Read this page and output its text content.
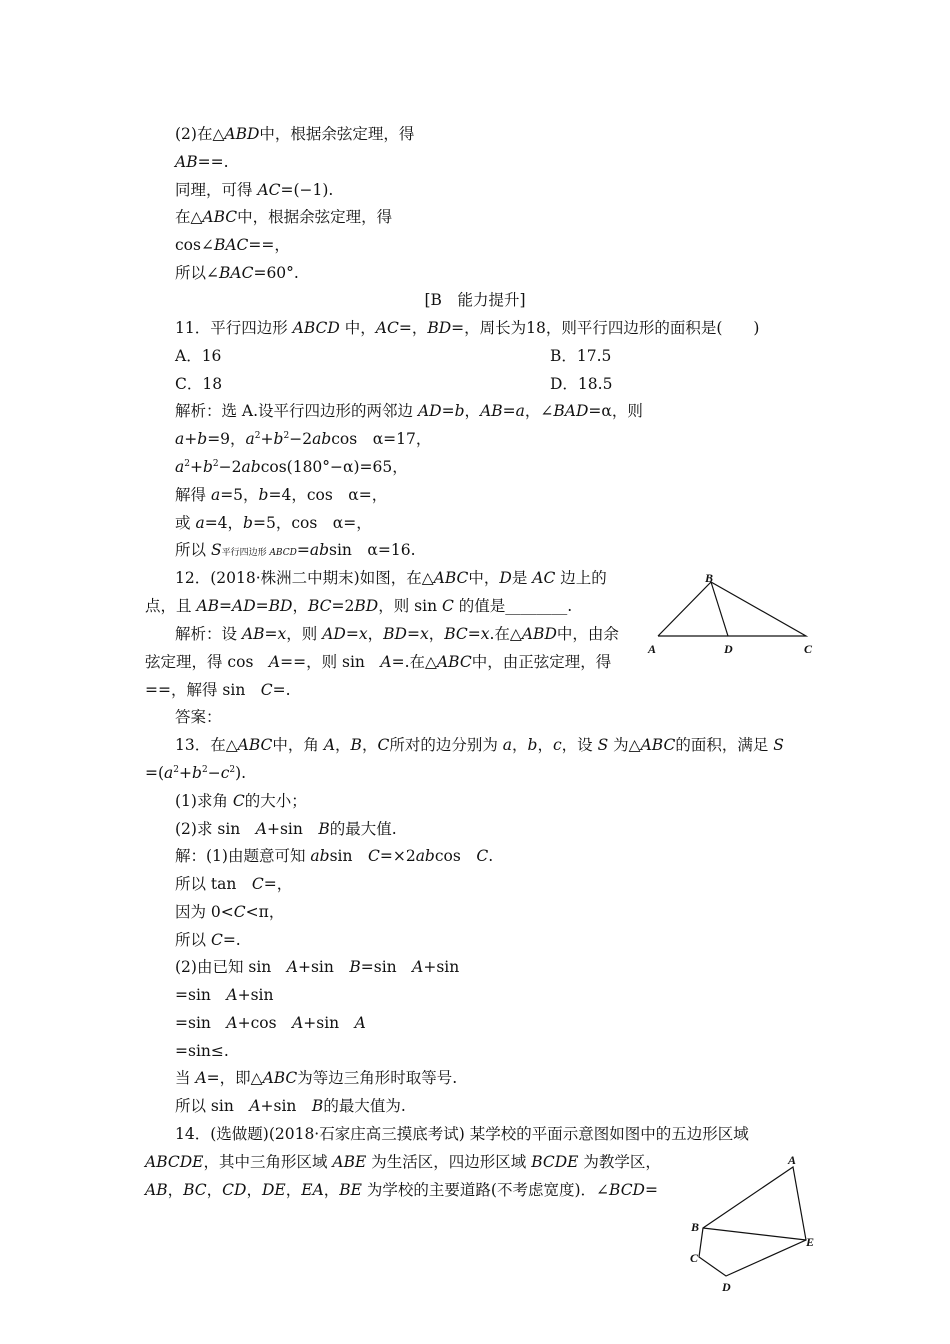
(2)在△ABD中，根据余弦定理，得
AB==.
同理，可得 AC=(−1).
在△ABC中，根据余弦定理，得
cos∠BAC==，
所以∠BAC=60°.
11．平行四边形 ABCD 中，AC=，BD=，周长为18，则平行四边形的面积是(　　)
A．16	B．17.5
C．18	D．18.5
解析：选 A.设平行四边形的两邻边 AD=b，AB=a，∠BAD=α，则
a+b=9，$a^2+b^2-2abcos$　α=17，
$a^2+b^2-2abcos(180^\circ-\alpha)=65$，
解得 a=5，b=4，cos　α=，
或 a=4，b=5，cos　α=，
所以 S平行四边形 ABCD=absin　α=16.
12．(2018·株洲二中期末)如图，在△ABC中，D是 AC 边上的
点，且 AB=AD=BD，BC=2BD，则 sin C 的值是________.
解析：设 AB=x，则 AD=x，BD=x，BC=x.在△ABD中，由余
弦定理，得 cos　A==，则 sin　A=.在△ABC中，由正弦定理，得
==，解得 sin　C=.
答案：
13．在△ABC中，角 A，B，C所对的边分别为 a，b，c，设 S 为△ABC的面积，满足 S
$=(a^2+b^2-c^2)$.
(1)求角 C的大小；
(2)求 sin　A+sin　B的最大值.
解：(1)由题意可知 absin　C=×2abcos　C.
所以 tan　C=，
因为 0<C<π，
所以 C=.
(2)由已知 sin　A+sin　B=sin　A+sin
=sin　A+sin
=sin　A+cos　A+sin　A
=sin≤.
当 A=，即△ABC为等边三角形时取等号.
所以 sin　A+sin　B的最大值为.
14．(选做题)(2018·石家庄高三摸底考试) 某学校的平面示意图如图中的五边形区域
ABCDE，其中三角形区域 ABE 为生活区，四边形区域 BCDE 为教学区，
AB，BC，CD，DE，EA，BE 为学校的主要道路(不考虑宽度)．∠BCD=
[B　能力提升]
B
A	D	C
A
B
C
D
E
